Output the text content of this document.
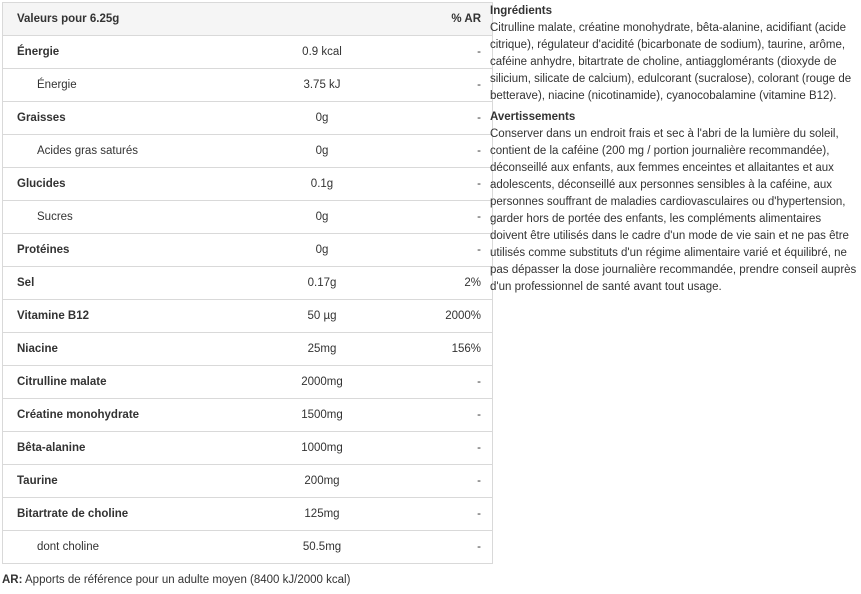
Valeurs pour 6.25g		% AR
Énergie	0.9 kcal	-
Énergie	3.75 kJ	-
Graisses	0g	-
Acides gras saturés	0g	-
Glucides	0.1g	-
Sucres	0g	-
Protéines	0g	-
Sel	0.17g	2%
Vitamine B12	50 µg	2000%
Niacine	25mg	156%
Citrulline malate	2000mg	-
Créatine monohydrate	1500mg	-
Bêta-alanine	1000mg	-
Taurine	200mg	-
Bitartrate de choline	125mg	-
dont choline	50.5mg	-
AR: Apports de référence pour un adulte moyen (8400 kJ/2000 kcal)
Ingrédients

Citrulline malate, créatine monohydrate, bêta-alanine, acidifiant (acide citrique), régulateur d'acidité (bicarbonate de sodium), taurine, arôme, caféine anhydre, bitartrate de choline, antiagglomérants (dioxyde de silicium, silicate de calcium), edulcorant (sucralose), colorant (rouge de betterave), niacine (nicotinamide), cyanocobalamine (vitamine B12).

Avertissements

Conserver dans un endroit frais et sec à l'abri de la lumière du soleil, contient de la caféine (200 mg / portion journalière recommandée), déconseillé aux enfants, aux femmes enceintes et allaitantes et aux adolescents, déconseillé aux personnes sensibles à la caféine, aux personnes souffrant de maladies cardiovasculaires ou d'hypertension, garder hors de portée des enfants, les compléments alimentaires doivent être utilisés dans le cadre d'un mode de vie sain et ne pas être utilisés comme substituts d'un régime alimentaire varié et équilibré, ne pas dépasser la dose journalière recommandée, prendre conseil auprès d'un professionnel de santé avant tout usage.
